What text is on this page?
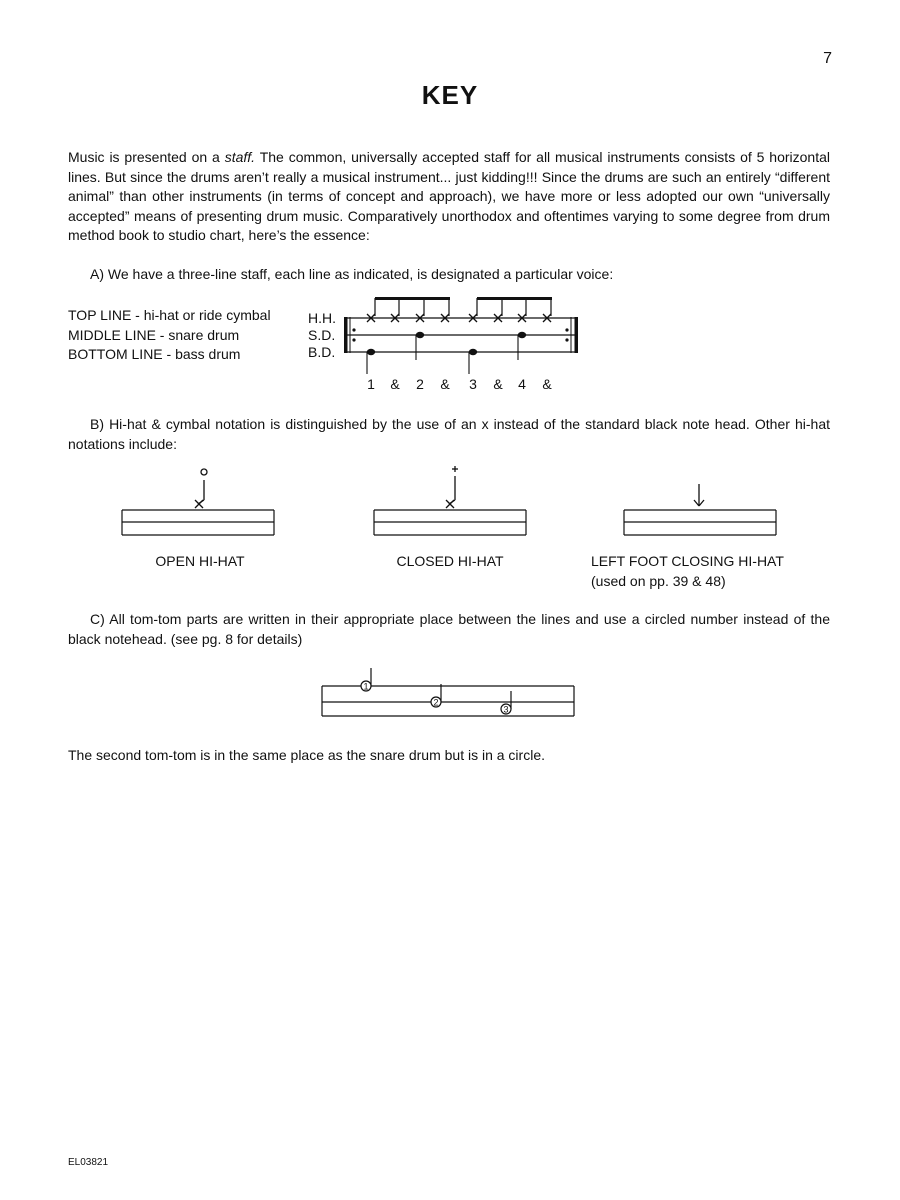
7
KEY

Music is presented on a staff. The common, universally accepted staff for all musical instruments consists of 5 horizontal lines. But since the drums aren’t really a musical instrument... just kidding!!! Since the drums are such an entirely “different animal” than other instruments (in terms of concept and approach), we have more or less adopted our own “universally accepted” means of presenting drum music. Comparatively unorthodox and oftentimes varying to some degree from drum method book to studio chart, here’s the essence:

A) We have a three-line staff, each line as indicated, is designated a particular voice:

TOP LINE - hi-hat or ride cymbal
MIDDLE LINE - snare drum
BOTTOM LINE - bass drum
H.H.
S.D.
B.D.
1 & 2 & 3 & 4 &

B) Hi-hat & cymbal notation is distinguished by the use of an x instead of the standard black note head. Other hi-hat notations include:

OPEN HI-HAT	CLOSED HI-HAT	LEFT FOOT CLOSING HI-HAT
(used on pp. 39 & 48)

C) All tom-tom parts are written in their appropriate place between the lines and use a circled number instead of the black notehead. (see pg. 8 for details)

1
2
3
The second tom-tom is in the same place as the snare drum but is in a circle.
EL03821
